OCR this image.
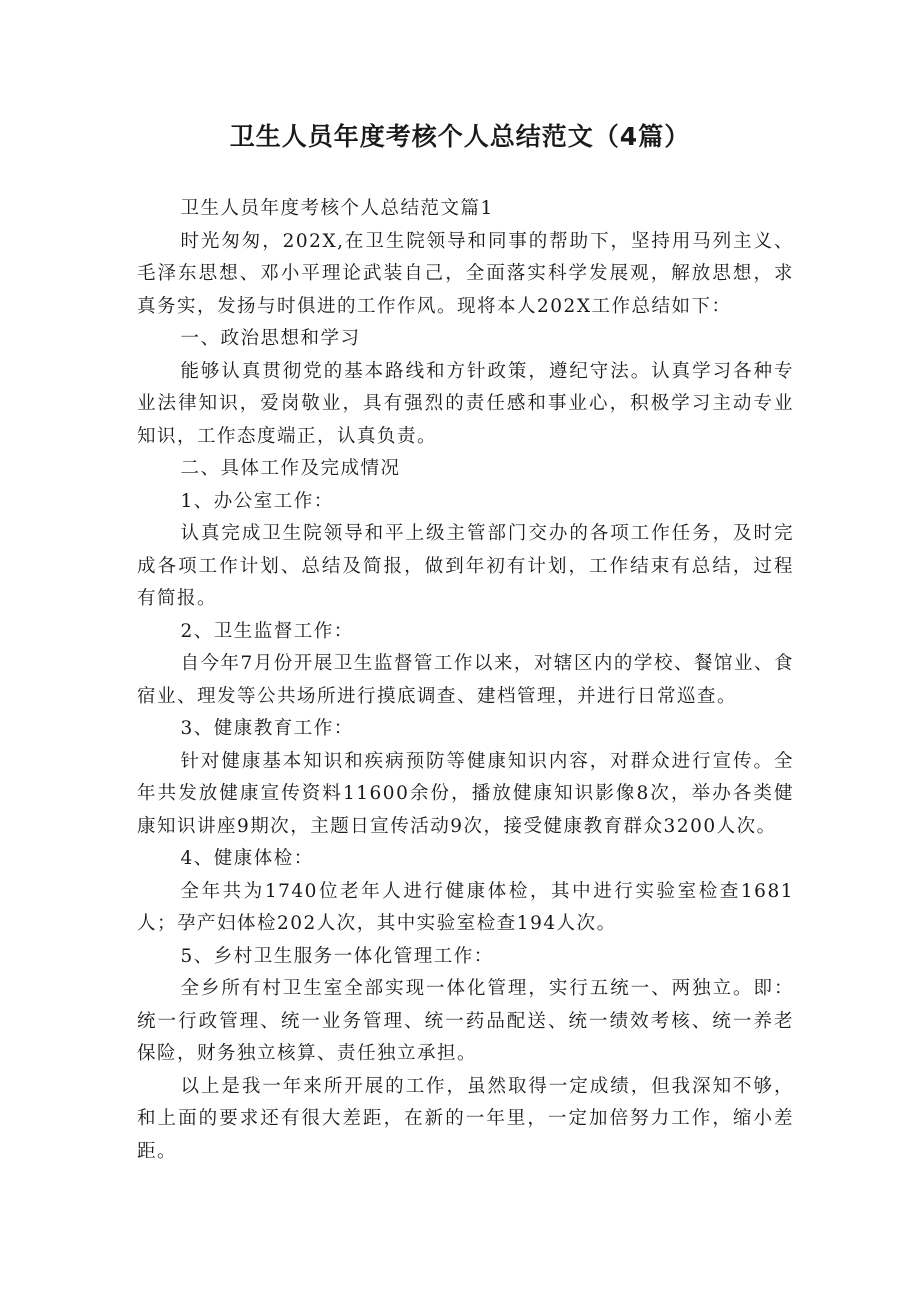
卫生人员年度考核个人总结范文（4篇）

卫生人员年度考核个人总结范文篇1

时光匆匆，202X,在卫生院领导和同事的帮助下，坚持用马列主义、毛泽东思想、邓小平理论武装自己，全面落实科学发展观，解放思想，求真务实，发扬与时俱进的工作作风。现将本人202X工作总结如下：

一、政治思想和学习

能够认真贯彻党的基本路线和方针政策，遵纪守法。认真学习各种专业法律知识，爱岗敬业，具有强烈的责任感和事业心，积极学习主动专业知识，工作态度端正，认真负责。

二、具体工作及完成情况

1、办公室工作：

认真完成卫生院领导和平上级主管部门交办的各项工作任务，及时完成各项工作计划、总结及简报，做到年初有计划，工作结束有总结，过程有简报。

2、卫生监督工作：

自今年7月份开展卫生监督管工作以来，对辖区内的学校、餐馆业、食宿业、理发等公共场所进行摸底调查、建档管理，并进行日常巡查。

3、健康教育工作：

针对健康基本知识和疾病预防等健康知识内容，对群众进行宣传。全年共发放健康宣传资料11600余份，播放健康知识影像8次，举办各类健康知识讲座9期次，主题日宣传活动9次，接受健康教育群众3200人次。

4、健康体检：

全年共为1740位老年人进行健康体检，其中进行实验室检查1681人；孕产妇体检202人次，其中实验室检查194人次。

5、乡村卫生服务一体化管理工作：

全乡所有村卫生室全部实现一体化管理，实行五统一、两独立。即：统一行政管理、统一业务管理、统一药品配送、统一绩效考核、统一养老保险，财务独立核算、责任独立承担。

以上是我一年来所开展的工作，虽然取得一定成绩，但我深知不够，和上面的要求还有很大差距，在新的一年里，一定加倍努力工作，缩小差距。
